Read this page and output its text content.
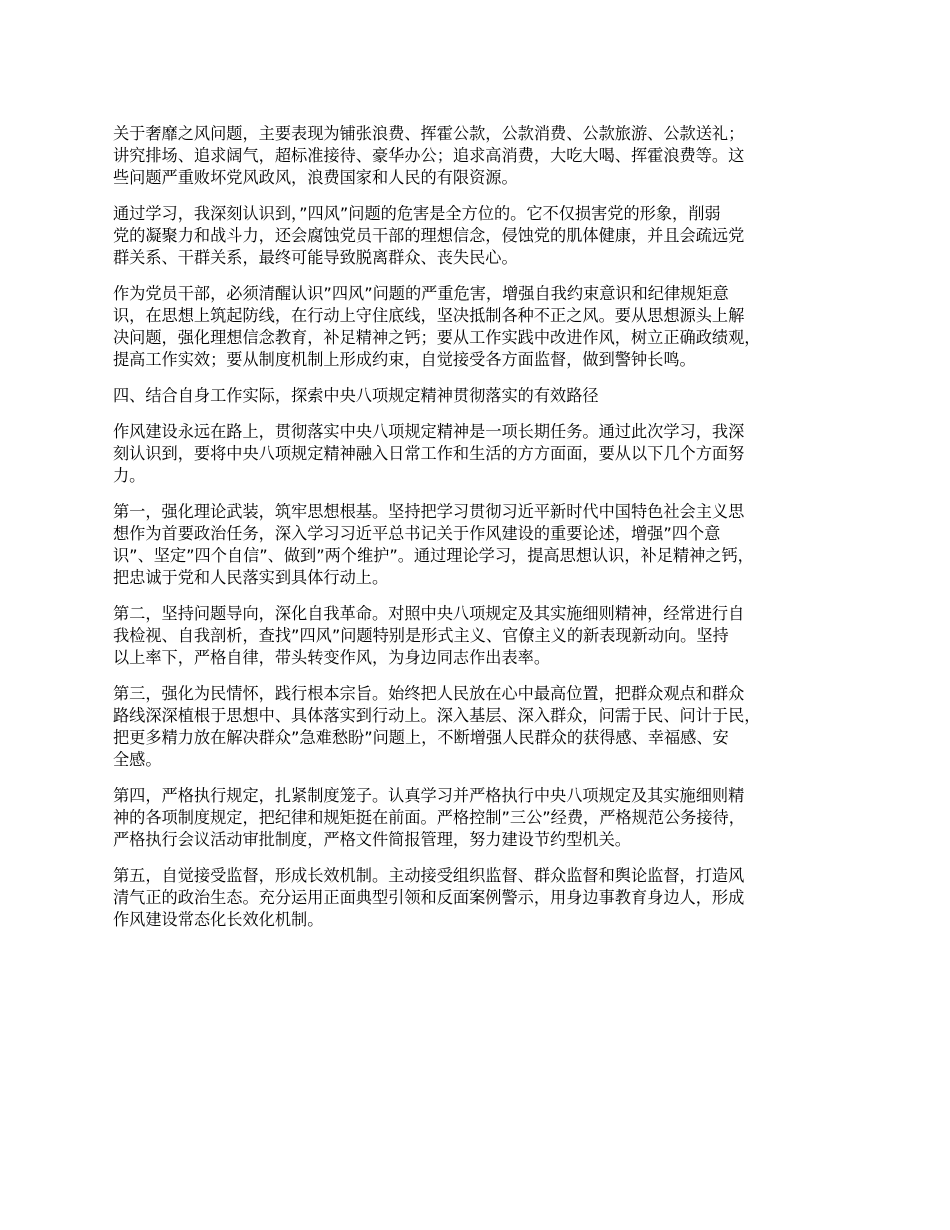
关于奢靡之风问题，主要表现为铺张浪费、挥霍公款，公款消费、公款旅游、公款送礼；
讲究排场、追求阔气，超标准接待、豪华办公；追求高消费，大吃大喝、挥霍浪费等。这
些问题严重败坏党风政风，浪费国家和人民的有限资源。

通过学习，我深刻认识到，”四风”问题的危害是全方位的。它不仅损害党的形象，削弱
党的凝聚力和战斗力，还会腐蚀党员干部的理想信念，侵蚀党的肌体健康，并且会疏远党
群关系、干群关系，最终可能导致脱离群众、丧失民心。

作为党员干部，必须清醒认识”四风”问题的严重危害，增强自我约束意识和纪律规矩意
识，在思想上筑起防线，在行动上守住底线，坚决抵制各种不正之风。要从思想源头上解
决问题，强化理想信念教育，补足精神之钙；要从工作实践中改进作风，树立正确政绩观，
提高工作实效；要从制度机制上形成约束，自觉接受各方面监督，做到警钟长鸣。

四、结合自身工作实际，探索中央八项规定精神贯彻落实的有效路径

作风建设永远在路上，贯彻落实中央八项规定精神是一项长期任务。通过此次学习，我深
刻认识到，要将中央八项规定精神融入日常工作和生活的方方面面，要从以下几个方面努
力。

第一，强化理论武装，筑牢思想根基。坚持把学习贯彻习近平新时代中国特色社会主义思
想作为首要政治任务，深入学习习近平总书记关于作风建设的重要论述，增强”四个意
识”、坚定”四个自信”、做到”两个维护”。通过理论学习，提高思想认识，补足精神之钙，
把忠诚于党和人民落实到具体行动上。

第二，坚持问题导向，深化自我革命。对照中央八项规定及其实施细则精神，经常进行自
我检视、自我剖析，查找”四风”问题特别是形式主义、官僚主义的新表现新动向。坚持
以上率下，严格自律，带头转变作风，为身边同志作出表率。

第三，强化为民情怀，践行根本宗旨。始终把人民放在心中最高位置，把群众观点和群众
路线深深植根于思想中、具体落实到行动上。深入基层、深入群众，问需于民、问计于民，
把更多精力放在解决群众”急难愁盼”问题上，不断增强人民群众的获得感、幸福感、安
全感。

第四，严格执行规定，扎紧制度笼子。认真学习并严格执行中央八项规定及其实施细则精
神的各项制度规定，把纪律和规矩挺在前面。严格控制”三公”经费，严格规范公务接待，
严格执行会议活动审批制度，严格文件简报管理，努力建设节约型机关。

第五，自觉接受监督，形成长效机制。主动接受组织监督、群众监督和舆论监督，打造风
清气正的政治生态。充分运用正面典型引领和反面案例警示，用身边事教育身边人，形成
作风建设常态化长效化机制。
